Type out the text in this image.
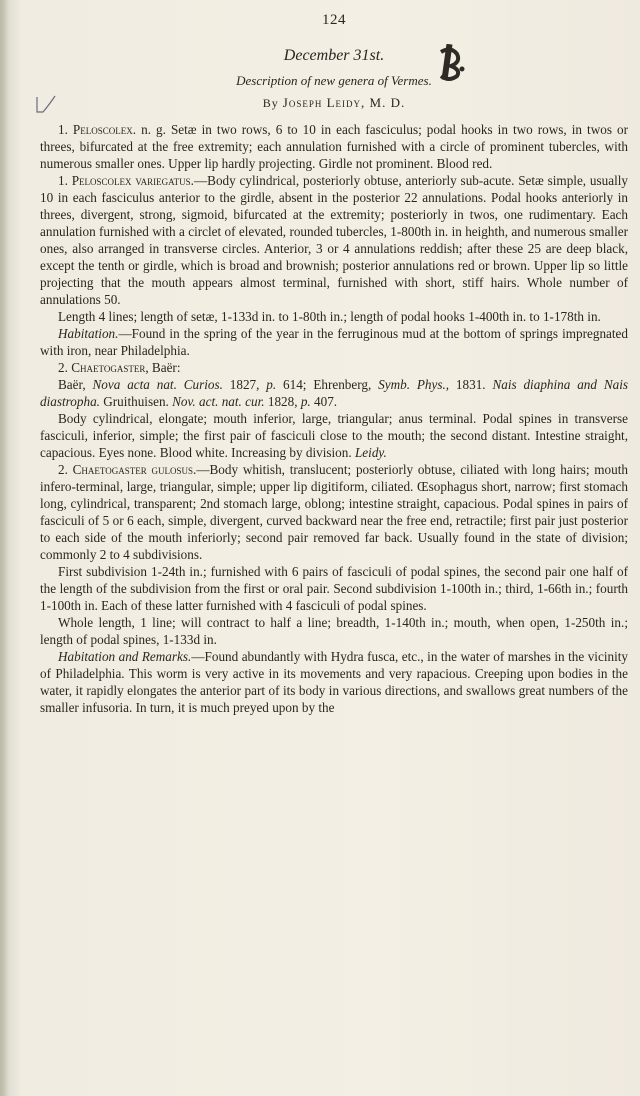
124
December 31st.
Description of new genera of Vermes.
By Joseph Leidy, M. D.

1. Peloscolex. n. g. Setæ in two rows, 6 to 10 in each fasciculus; podal hooks in two rows, in twos or threes, bifurcated at the free extremity; each annulation furnished with a circle of prominent tubercles, with numerous smaller ones. Upper lip hardly projecting. Girdle not prominent. Blood red.

1. Peloscolex variegatus.—Body cylindrical, posteriorly obtuse, anteriorly sub-acute. Setæ simple, usually 10 in each fasciculus anterior to the girdle, absent in the posterior 22 annulations. Podal hooks anteriorly in threes, divergent, strong, sigmoid, bifurcated at the extremity; posteriorly in twos, one rudimentary. Each annulation furnished with a circlet of elevated, rounded tubercles, 1-800th in. in heighth, and numerous smaller ones, also arranged in transverse circles. Anterior, 3 or 4 annulations reddish; after these 25 are deep black, except the tenth or girdle, which is broad and brownish; posterior annulations red or brown. Upper lip so little projecting that the mouth appears almost terminal, furnished with short, stiff hairs. Whole number of annulations 50.

Length 4 lines; length of setæ, 1-133d in. to 1-80th in.; length of podal hooks 1-400th in. to 1-178th in.

Habitation.—Found in the spring of the year in the ferruginous mud at the bottom of springs impregnated with iron, near Philadelphia.

2. Chaetogaster, Baër:

Baër, Nova acta nat. Curios. 1827, p. 614; Ehrenberg, Symb. Phys., 1831. Nais diaphina and Nais diastropha. Gruithuisen. Nov. act. nat. cur. 1828, p. 407.

Body cylindrical, elongate; mouth inferior, large, triangular; anus terminal. Podal spines in transverse fasciculi, inferior, simple; the first pair of fasciculi close to the mouth; the second distant. Intestine straight, capacious. Eyes none. Blood white. Increasing by division. Leidy.

2. Chaetogaster gulosus.—Body whitish, translucent; posteriorly obtuse, ciliated with long hairs; mouth infero-terminal, large, triangular, simple; upper lip digitiform, ciliated. Œsophagus short, narrow; first stomach long, cylindrical, transparent; 2nd stomach large, oblong; intestine straight, capacious. Podal spines in pairs of fasciculi of 5 or 6 each, simple, divergent, curved backward near the free end, retractile; first pair just posterior to each side of the mouth inferiorly; second pair removed far back. Usually found in the state of division; commonly 2 to 4 subdivisions.

First subdivision 1-24th in.; furnished with 6 pairs of fasciculi of podal spines, the second pair one half of the length of the subdivision from the first or oral pair. Second subdivision 1-100th in.; third, 1-66th in.; fourth 1-100th in. Each of these latter furnished with 4 fasciculi of podal spines.

Whole length, 1 line; will contract to half a line; breadth, 1-140th in.; mouth, when open, 1-250th in.; length of podal spines, 1-133d in.

Habitation and Remarks.—Found abundantly with Hydra fusca, etc., in the water of marshes in the vicinity of Philadelphia. This worm is very active in its movements and very rapacious. Creeping upon bodies in the water, it rapidly elongates the anterior part of its body in various directions, and swallows great numbers of the smaller infusoria. In turn, it is much preyed upon by the
